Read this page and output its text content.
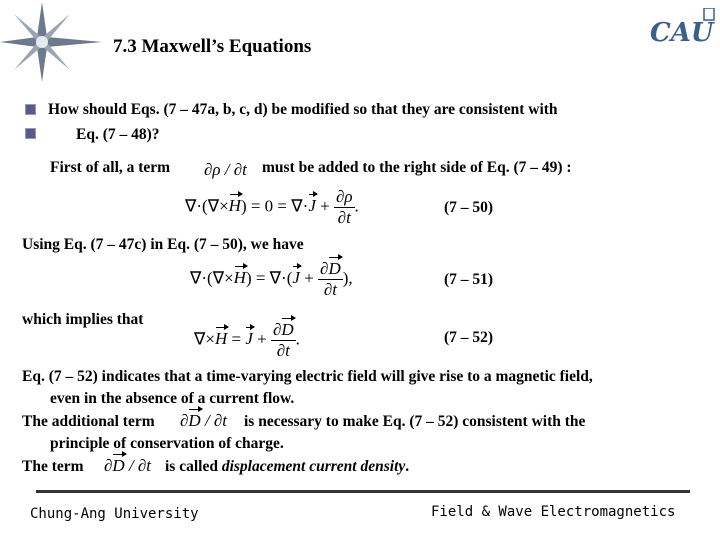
7.3 Maxwell’s Equations	CAU
How should Eqs. (7 – 47a, b, c, d) be modified so that they are consistent with
Eq. (7 – 48)?
First of all, a term ∂ρ / ∂t must be added to the right side of Eq. (7 – 49) :
$\nabla\cdot(\nabla\times H) = 0 = \nabla\cdot J + \frac{\partial\rho}{\partial t}$ .	(7 – 50)
Using Eq. (7 – 47c) in Eq. (7 – 50), we have
$\nabla\cdot(\nabla\times H) = \nabla\cdot(J + \frac{\partial D}{\partial t}$ ),	(7 – 51)
which implies that
$\nabla\times H = J + \frac{\partial D}{\partial t}$ .	(7 – 52)
Eq. (7 – 52) indicates that a time-varying electric field will give rise to a magnetic field,
even in the absence of a current flow.
The additional term ∂D / ∂t is necessary to make Eq. (7 – 52) consistent with the
principle of conservation of charge.
The term ∂D / ∂t is called displacement current density.
Chung-Ang University	Field & Wave Electromagnetics
